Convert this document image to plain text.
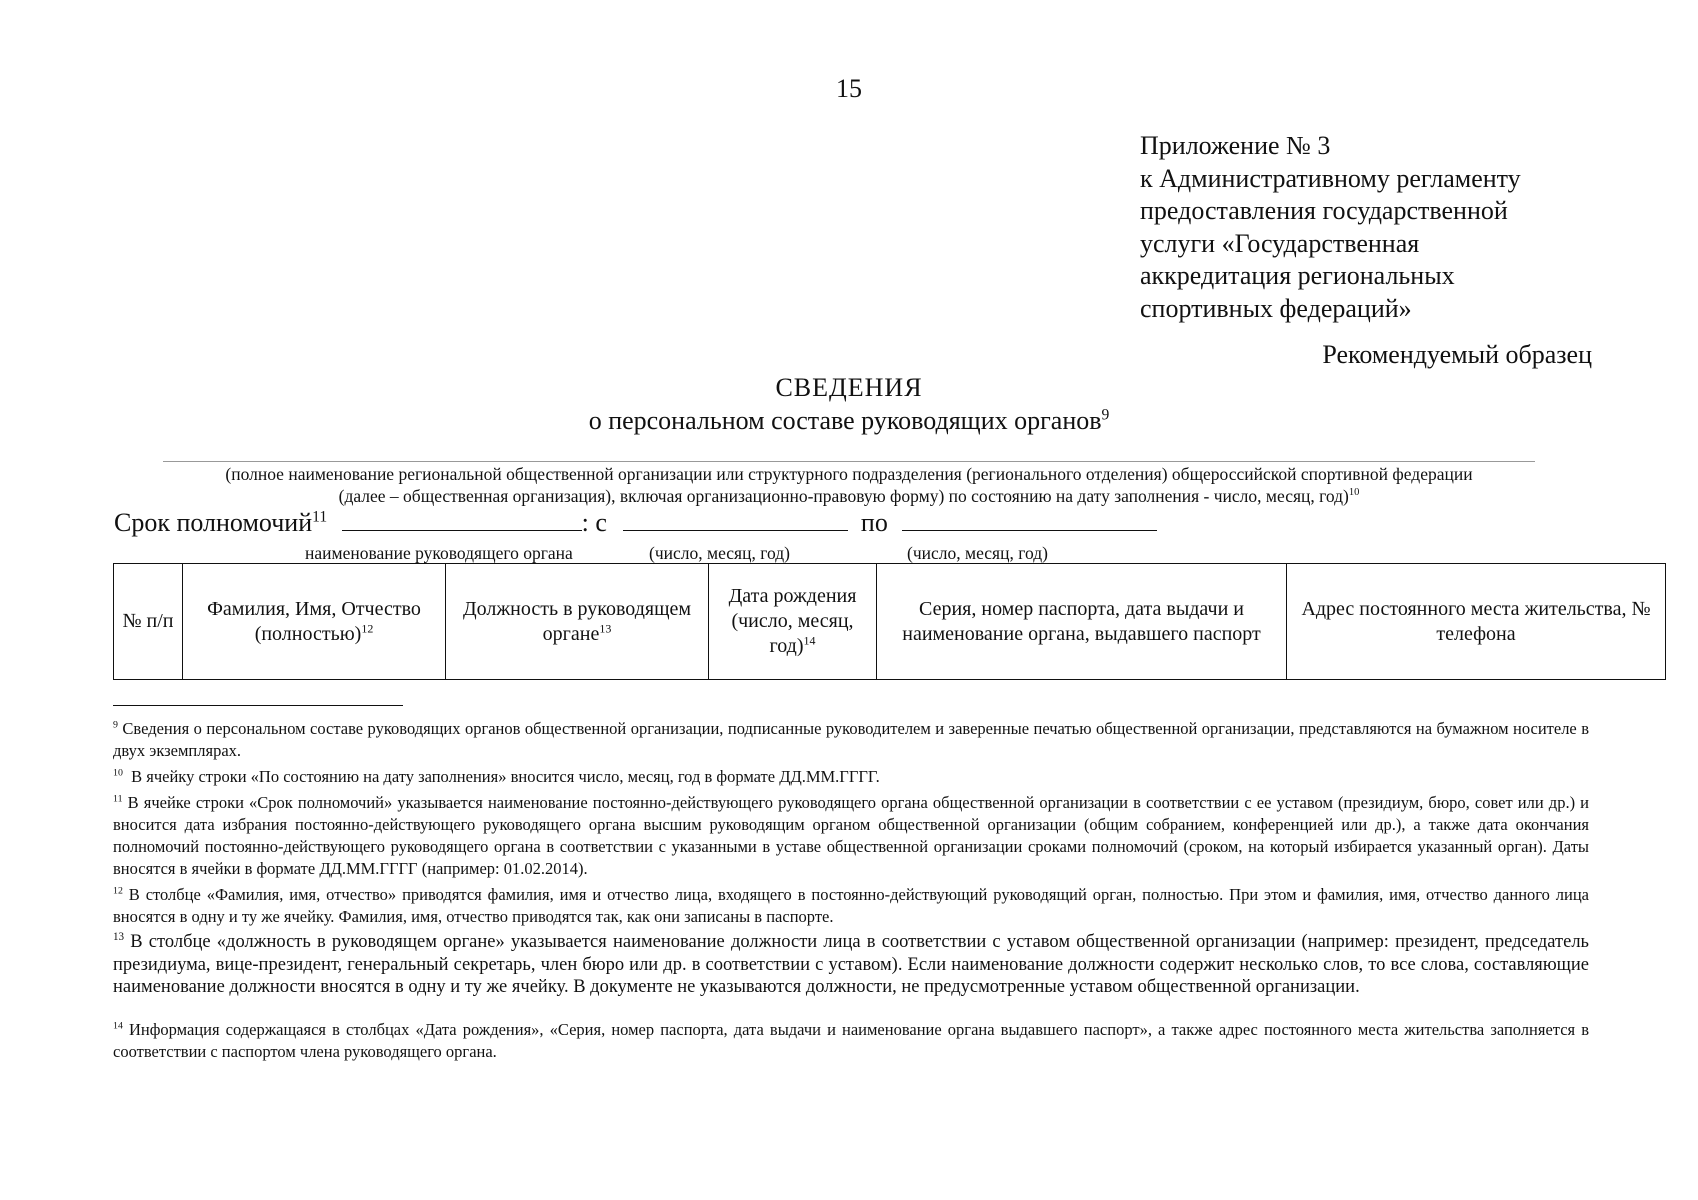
15
Приложение № 3
к Административному регламенту
предоставления государственной
услуги «Государственная
аккредитация региональных
спортивных федераций»
Рекомендуемый образец
СВЕДЕНИЯ
о персональном составе руководящих органов$^9$
(полное наименование региональной общественной организации или структурного подразделения (регионального отделения) общероссийской спортивной федерации
(далее – общественная организация), включая организационно-правовую форму) по состоянию на дату заполнения - число, месяц, год)$^{10}$
Срок полномочий$^{11}$	: с	по
наименование руководящего органа	(число, месяц, год)	(число, месяц, год)
№ п/п	Фамилия, Имя, Отчество (полностью)$^{12}$	Должность в руководящем органе$^{13}$	Дата рождения (число, месяц, год)$^{14}$	Серия, номер паспорта, дата выдачи и наименование органа, выдавшего паспорт	Адрес постоянного места жительства, № телефона
$^9$ Сведения о персональном составе руководящих органов общественной организации, подписанные руководителем и заверенные печатью общественной организации, представляются на бумажном носителе в двух экземплярах.
$^{10}$ В ячейку строки «По состоянию на дату заполнения» вносится число, месяц, год в формате ДД.ММ.ГГГГ.
$^{11}$ В ячейке строки «Срок полномочий» указывается наименование постоянно-действующего руководящего органа общественной организации в соответствии с ее уставом (президиум, бюро, совет или др.) и вносится дата избрания постоянно-действующего руководящего органа высшим руководящим органом общественной организации (общим собранием, конференцией или др.), а также дата окончания полномочий постоянно-действующего руководящего органа в соответствии с указанными в уставе общественной организации сроками полномочий (сроком, на который избирается указанный орган). Даты вносятся в ячейки в формате ДД.ММ.ГГГГ (например: 01.02.2014).
$^{12}$ В столбце «Фамилия, имя, отчество» приводятся фамилия, имя и отчество лица, входящего в постоянно-действующий руководящий орган, полностью. При этом и фамилия, имя, отчество данного лица вносятся в одну и ту же ячейку. Фамилия, имя, отчество приводятся так, как они записаны в паспорте.
$^{13}$ В столбце «должность в руководящем органе» указывается наименование должности лица в соответствии с уставом общественной организации (например: президент, председатель президиума, вице-президент, генеральный секретарь, член бюро или др. в соответствии с уставом). Если наименование должности содержит несколько слов, то все слова, составляющие наименование должности вносятся в одну и ту же ячейку. В документе не указываются должности, не предусмотренные уставом общественной организации.
$^{14}$ Информация содержащаяся в столбцах «Дата рождения», «Серия, номер паспорта, дата выдачи и наименование органа выдавшего паспорт», а также адрес постоянного места жительства заполняется в соответствии с паспортом члена руководящего органа.
